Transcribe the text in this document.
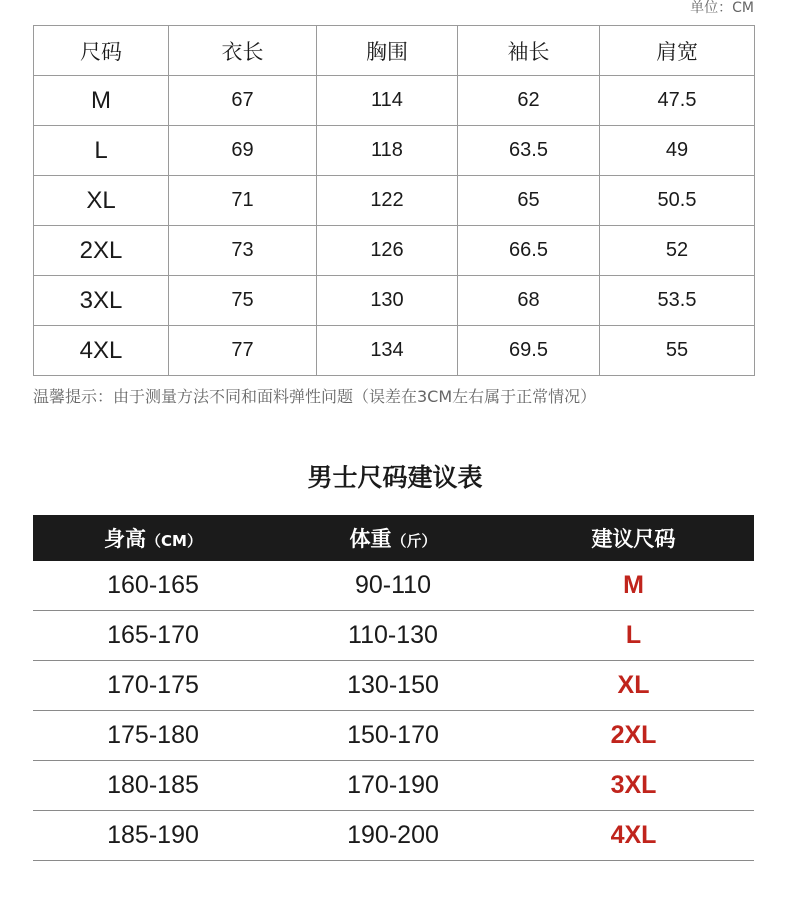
单位：CM
尺码	衣长	胸围	袖长	肩宽
M	67	114	62	47.5
L	69	118	63.5	49
XL	71	122	65	50.5
2XL	73	126	66.5	52
3XL	75	130	68	53.5
4XL	77	134	69.5	55
温馨提示：由于测量方法不同和面料弹性问题（误差在3CM左右属于正常情况）
男士尺码建议表
身高（CM）	体重（斤）	建议尺码
160-165	90-110	M
165-170	110-130	L
170-175	130-150	XL
175-180	150-170	2XL
180-185	170-190	3XL
185-190	190-200	4XL
